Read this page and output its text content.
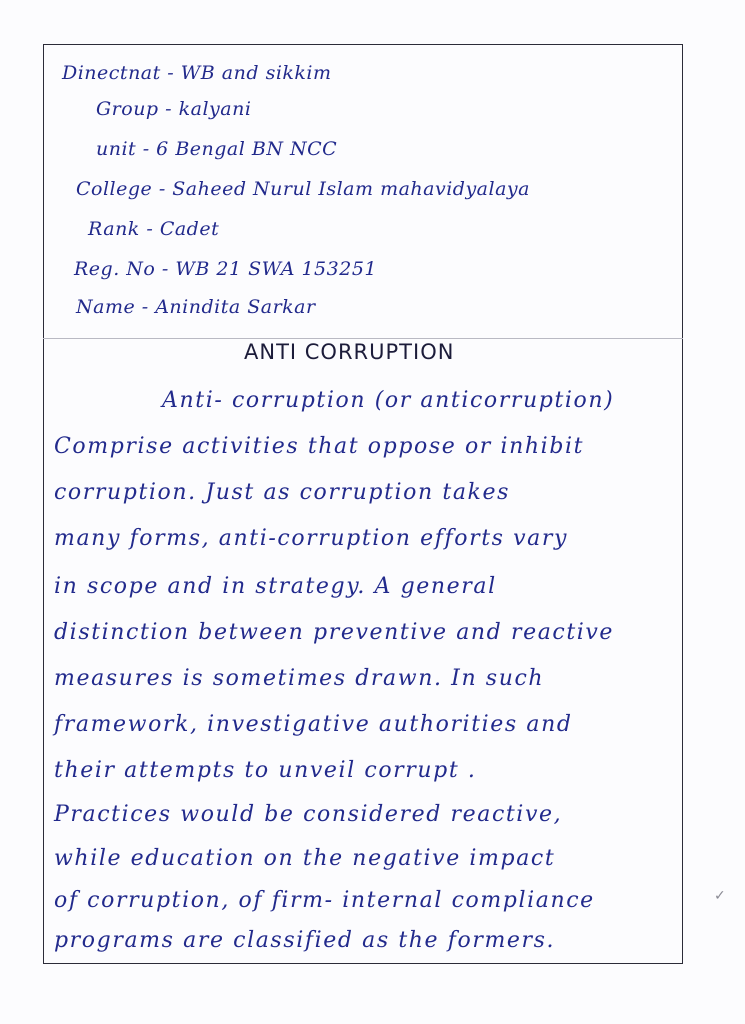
Dinectnat - WB and sikkim
Group - kalyani
unit - 6 Bengal BN NCC
College - Saheed Nurul Islam mahavidyalaya
Rank - Cadet
Reg. No - WB 21 SWA 153251
Name - Anindita Sarkar
ANTI CORRUPTION
Anti- corruption (or anticorruption)
Comprise activities that oppose or inhibit
corruption. Just as corruption takes
many forms, anti-corruption efforts vary
in scope and in strategy. A general
distinction between preventive and reactive
measures is sometimes drawn. In such
framework, investigative authorities and
their attempts to unveil corrupt .
Practices would be considered reactive,
while education on the negative impact
of corruption, of firm- internal compliance
programs are classified as the formers.
✓
